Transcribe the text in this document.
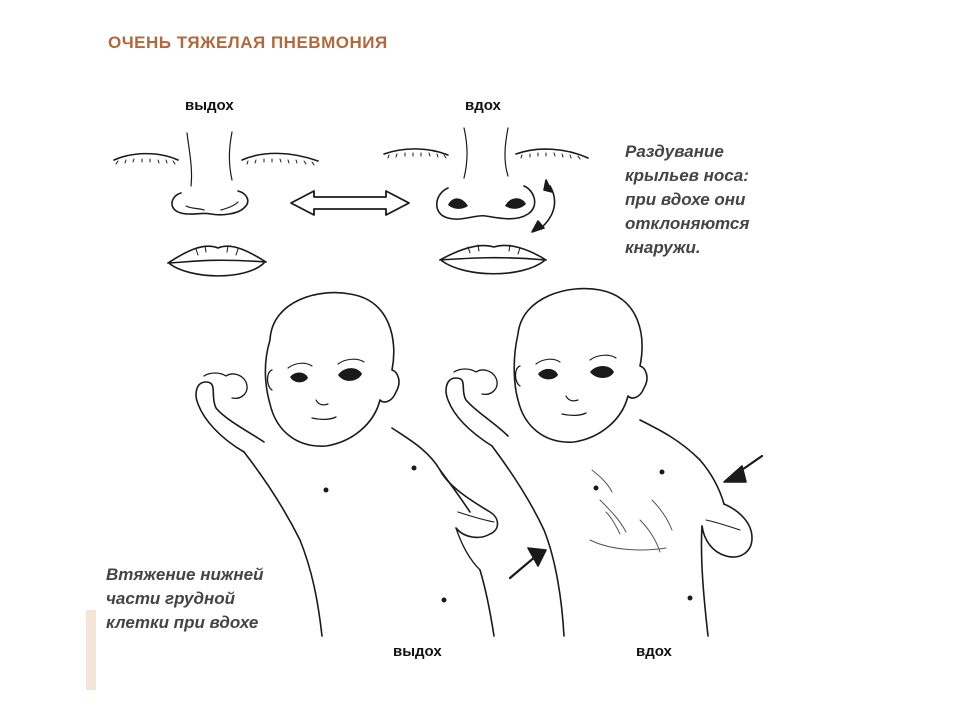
ОЧЕНЬ ТЯЖЕЛАЯ ПНЕВМОНИЯ
выдох	вдох
Раздувание
крыльев носа:
при вдохе они
отклоняются
кнаружи.
Втяжение нижней
части грудной
клетки при вдохе
выдох	вдох
